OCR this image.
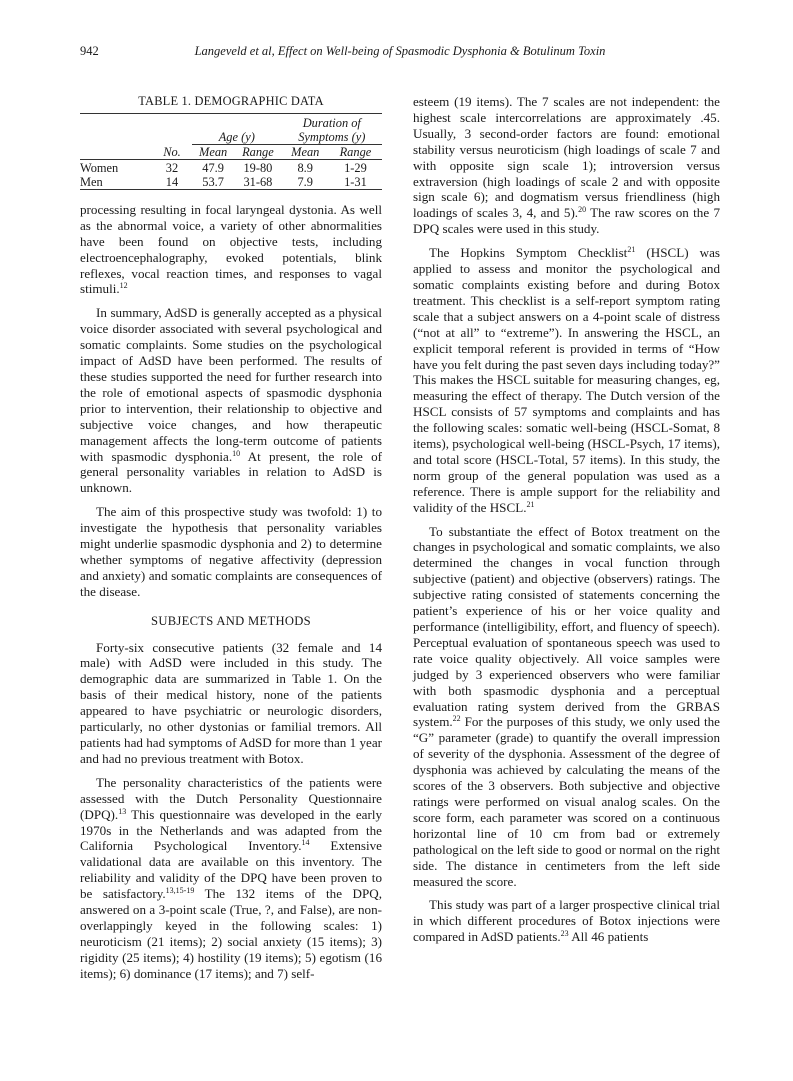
942	Langeveld et al, Effect on Well-being of Spasmodic Dysphonia & Botulinum Toxin
TABLE 1. DEMOGRAPHIC DATA

				Duration of	
		Age (y)		Symptoms (y)	
	No.	Mean	Range	Mean	Range

Women	32	47.9	19-80	8.9	1-29
Men	14	53.7	31-68	7.9	1-31

processing resulting in focal laryngeal dystonia. As well as the abnormal voice, a variety of other abnormalities have been found on objective tests, including electroencephalography, evoked potentials, blink reflexes, vocal reaction times, and responses to vagal stimuli.$^{12}$

In summary, AdSD is generally accepted as a physical voice disorder associated with several psychological and somatic complaints. Some studies on the psychological impact of AdSD have been performed. The results of these studies supported the need for further research into the role of emotional aspects of spasmodic dysphonia prior to intervention, their relationship to objective and subjective voice changes, and how therapeutic management affects the long-term outcome of patients with spasmodic dysphonia.$^{10}$ At present, the role of general personality variables in relation to AdSD is unknown.

The aim of this prospective study was twofold: 1) to investigate the hypothesis that personality variables might underlie spasmodic dysphonia and 2) to determine whether symptoms of negative affectivity (depression and anxiety) and somatic complaints are consequences of the disease.

SUBJECTS AND METHODS

Forty-six consecutive patients (32 female and 14 male) with AdSD were included in this study. The demographic data are summarized in Table 1. On the basis of their medical history, none of the patients appeared to have psychiatric or neurologic disorders, particularly, no other dystonias or familial tremors. All patients had had symptoms of AdSD for more than 1 year and had no previous treatment with Botox.

The personality characteristics of the patients were assessed with the Dutch Personality Questionnaire (DPQ).$^{13}$ This questionnaire was developed in the early 1970s in the Netherlands and was adapted from the California Psychological Inventory.$^{14}$ Extensive validational data are available on this inventory. The reliability and validity of the DPQ have been proven to be satisfactory.$^{13,15-19}$ The 132 items of the DPQ, answered on a 3-point scale (True, ?, and False), are non-overlappingly keyed in the following scales: 1) neuroticism (21 items); 2) social anxiety (15 items); 3) rigidity (25 items); 4) hostility (19 items); 5) egotism (16 items); 6) dominance (17 items); and 7) self-

esteem (19 items). The 7 scales are not independent: the highest scale intercorrelations are approximately .45. Usually, 3 second-order factors are found: emotional stability versus neuroticism (high loadings of scale 7 and with opposite sign scale 1); introversion versus extraversion (high loadings of scale 2 and with opposite sign scale 6); and dogmatism versus friendliness (high loadings of scales 3, 4, and 5).$^{20}$ The raw scores on the 7 DPQ scales were used in this study.

The Hopkins Symptom Checklist$^{21}$ (HSCL) was applied to assess and monitor the psychological and somatic complaints existing before and during Botox treatment. This checklist is a self-report symptom rating scale that a subject answers on a 4-point scale of distress (“not at all” to “extreme”). In answering the HSCL, an explicit temporal referent is provided in terms of “How have you felt during the past seven days including today?” This makes the HSCL suitable for measuring changes, eg, measuring the effect of therapy. The Dutch version of the HSCL consists of 57 symptoms and complaints and has the following scales: somatic well-being (HSCL-Somat, 8 items), psychological well-being (HSCL-Psych, 17 items), and total score (HSCL-Total, 57 items). In this study, the norm group of the general population was used as a reference. There is ample support for the reliability and validity of the HSCL.$^{21}$

To substantiate the effect of Botox treatment on the changes in psychological and somatic complaints, we also determined the changes in vocal function through subjective (patient) and objective (observers) ratings. The subjective rating consisted of statements concerning the patient’s experience of his or her voice quality and performance (intelligibility, effort, and fluency of speech). Perceptual evaluation of spontaneous speech was used to rate voice quality objectively. All voice samples were judged by 3 experienced observers who were familiar with both spasmodic dysphonia and a perceptual evaluation rating system derived from the GRBAS system.$^{22}$ For the purposes of this study, we only used the “G” parameter (grade) to quantify the overall impression of severity of the dysphonia. Assessment of the degree of dysphonia was achieved by calculating the means of the scores of the 3 observers. Both subjective and objective ratings were performed on visual analog scales. On the score form, each parameter was scored on a continuous horizontal line of 10 cm from bad or extremely pathological on the left side to good or normal on the right side. The distance in centimeters from the left side measured the score.

This study was part of a larger prospective clinical trial in which different procedures of Botox injections were compared in AdSD patients.$^{23}$ All 46 patients
